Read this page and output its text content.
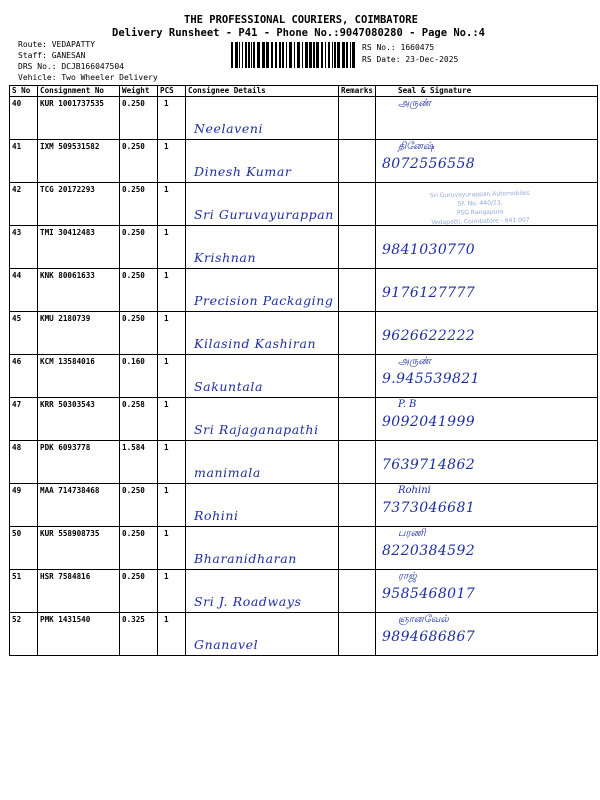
THE PROFESSIONAL COURIERS, COIMBATORE
Delivery Runsheet - P41 - Phone No.:9047080280 - Page No.:4
Route: VEDAPATTY
Staff: GANESAN
DRS No.: DCJB166047504
Vehicle: Two Wheeler Delivery
RS No.: 1660475
RS Date: 23-Dec-2025
S No	Consignment No	Weight	PCS	Consignee Details	Remarks	Seal & Signature
40	KUR 1001737535	0.250	1	Neelaveni		அருண்

41	IXM 509531582	0.250	1	Dinesh Kumar		தினேஷ்
8072556558

42	TCG 20172293	0.250	1	Sri Guruvayurappan		

43	TMI 30412483	0.250	1	Krishnan		9841030770

44	KNK 80061633	0.250	1	Precision Packaging		9176127777

45	KMU 2180739	0.250	1	Kilasind Kashiran		9626622222

46	KCM 13584016	0.160	1	Sakuntala		அருண்
9.945539821

47	KRR 50303543	0.258	1	Sri Rajaganapathi		P. B
9092041999

48	PDK 6093778	1.584	1	manimala		7639714862

49	MAA 714738468	0.250	1	Rohini		Rohini
7373046681

50	KUR 558908735	0.250	1	Bharanidharan		பரணி
8220384592

51	HSR 7584816	0.250	1	Sri J. Roadways		ராஜ்
9585468017

52	PMK 1431540	0.325	1	Gnanavel		ஞானவேல்
9894686867
Sri Guruvayurappan Automobiles
SF. No. 440/23,
PSG Rangapura
Vedapatti, Coimbatore - 641 007
